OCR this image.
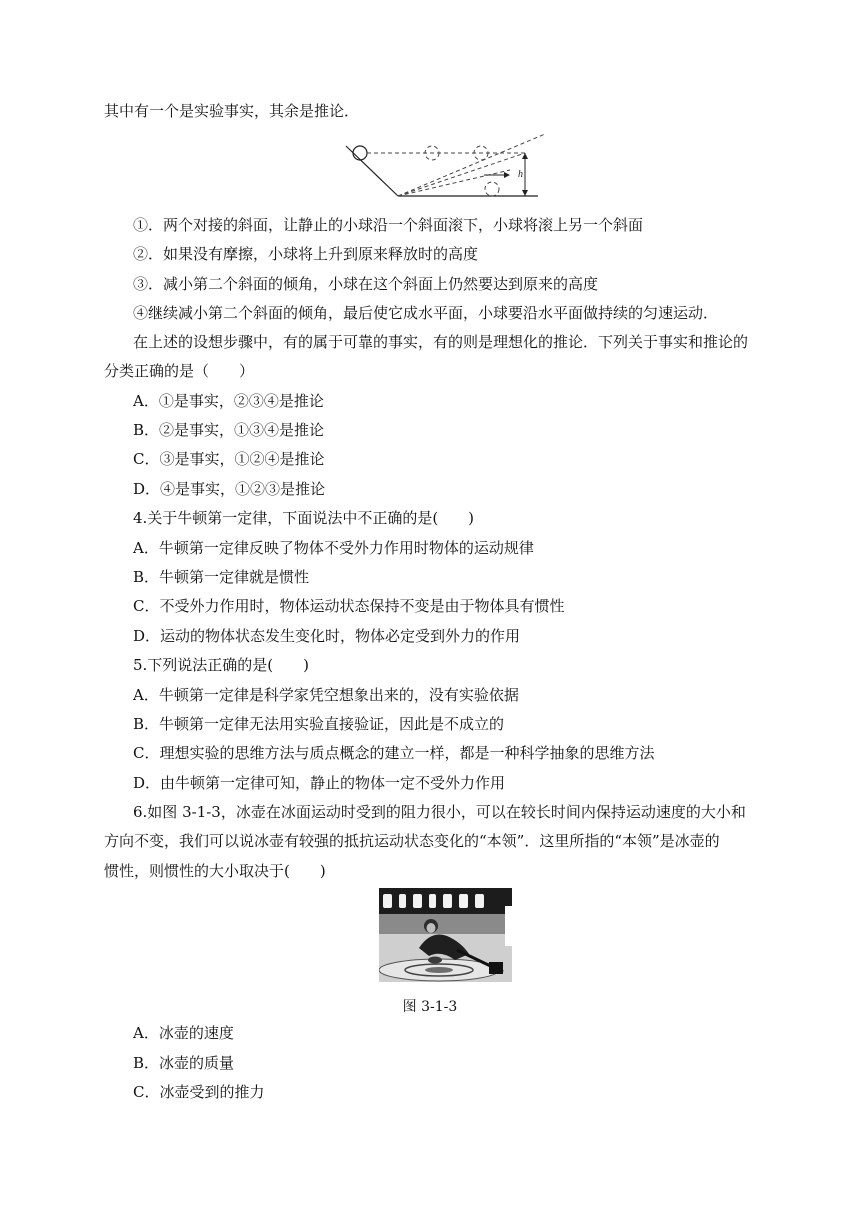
其中有一个是实验事实，其余是推论．
h
①．两个对接的斜面，让静止的小球沿一个斜面滚下，小球将滚上另一个斜面
②．如果没有摩擦，小球将上升到原来释放时的高度
③．减小第二个斜面的倾角，小球在这个斜面上仍然要达到原来的高度
④继续减小第二个斜面的倾角，最后使它成水平面，小球要沿水平面做持续的匀速运动．
在上述的设想步骤中，有的属于可靠的事实，有的则是理想化的推论．下列关于事实和推论的
分类正确的是（　　）
A．①是事实，②③④是推论
B．②是事实，①③④是推论
C．③是事实，①②④是推论
D．④是事实，①②③是推论
4.关于牛顿第一定律，下面说法中不正确的是(　　)
A．牛顿第一定律反映了物体不受外力作用时物体的运动规律
B．牛顿第一定律就是惯性
C．不受外力作用时，物体运动状态保持不变是由于物体具有惯性
D．运动的物体状态发生变化时，物体必定受到外力的作用
5.下列说法正确的是(　　)
A．牛顿第一定律是科学家凭空想象出来的，没有实验依据
B．牛顿第一定律无法用实验直接验证，因此是不成立的
C．理想实验的思维方法与质点概念的建立一样，都是一种科学抽象的思维方法
D．由牛顿第一定律可知，静止的物体一定不受外力作用
6.如图 3-1-3，冰壶在冰面运动时受到的阻力很小，可以在较长时间内保持运动速度的大小和
方向不变，我们可以说冰壶有较强的抵抗运动状态变化的“本领”．这里所指的“本领”是冰壶的
惯性，则惯性的大小取决于(　　)
图 3-1-3
A．冰壶的速度
B．冰壶的质量
C．冰壶受到的推力
